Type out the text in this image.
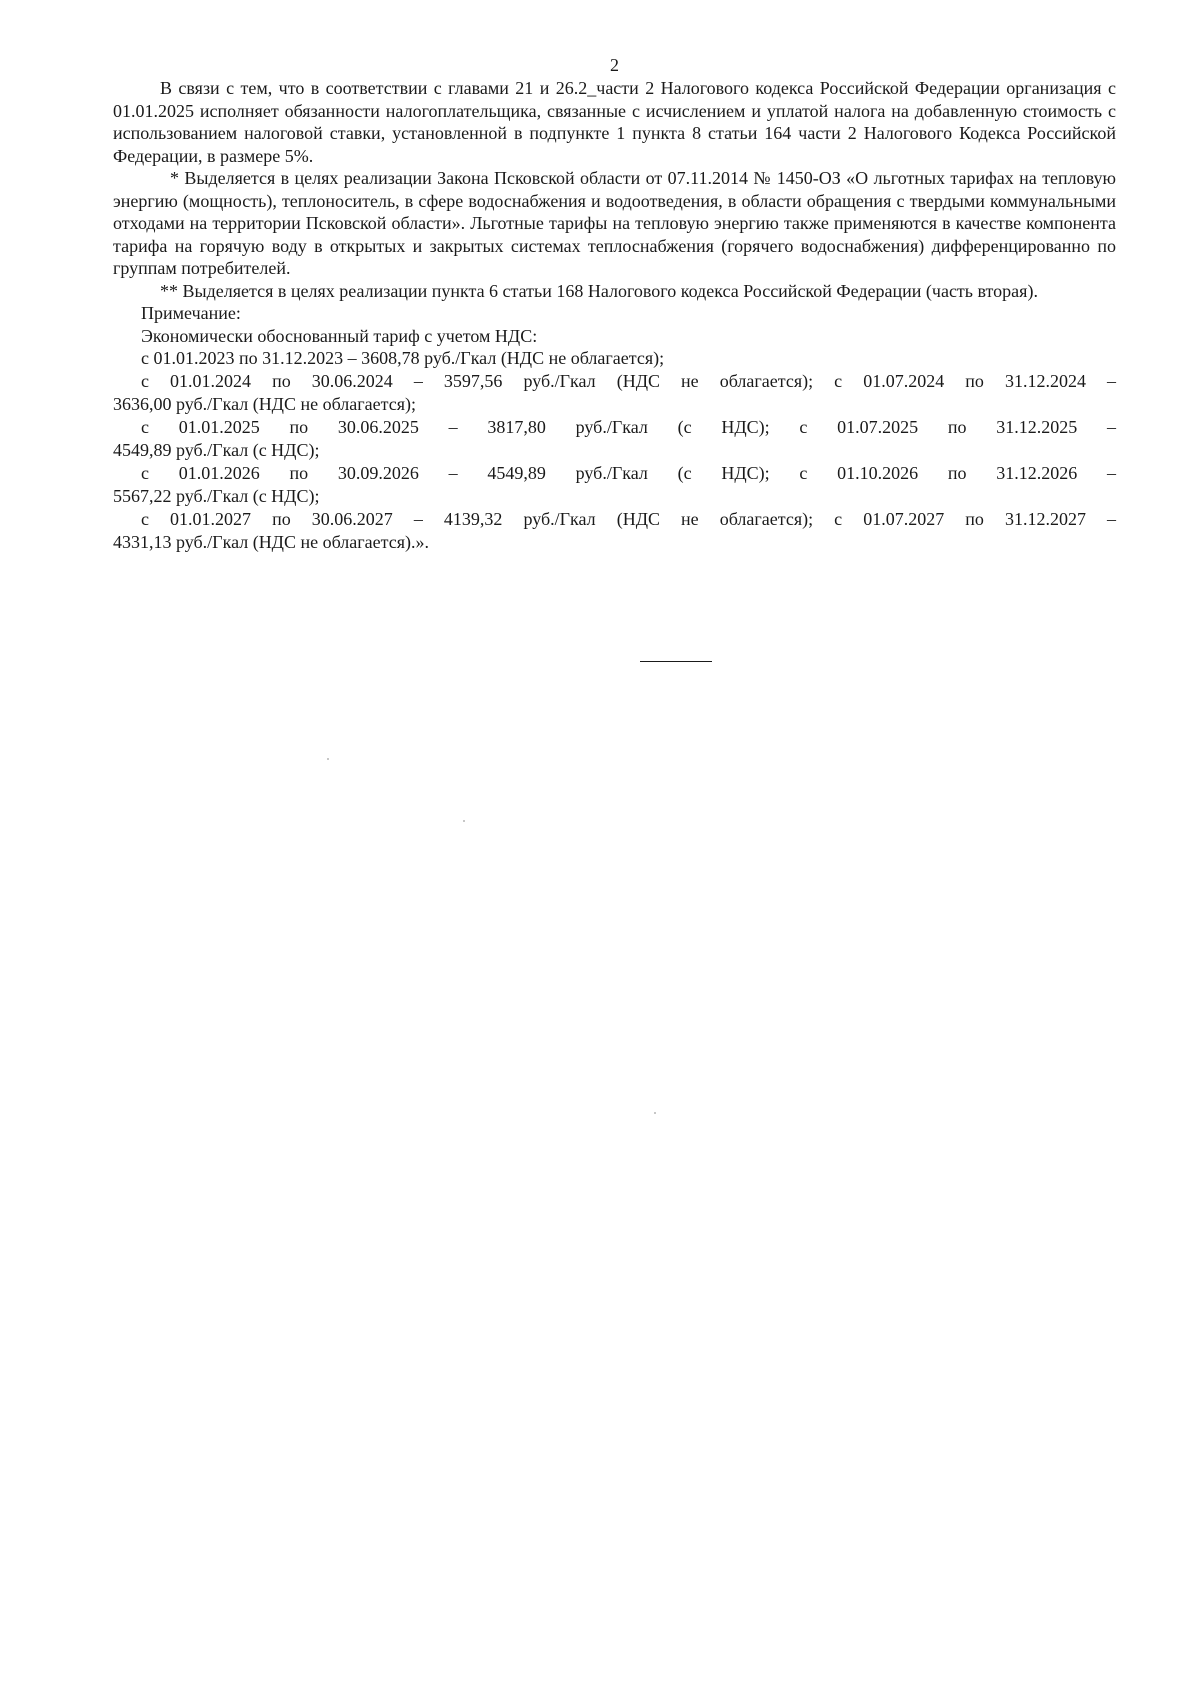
2

В связи с тем, что в соответствии с главами 21 и 26.2_части 2 Налогового кодекса Российской Федерации организация с 01.01.2025 исполняет обязанности налогоплательщика, связанные с исчислением и уплатой налога на добавленную стоимость с использованием налоговой ставки, установленной в подпункте 1 пункта 8 статьи 164 части 2 Налогового Кодекса Российской Федерации, в размере 5%.

* Выделяется в целях реализации Закона Псковской области от 07.11.2014 № 1450-ОЗ «О льготных тарифах на тепловую энергию (мощность), теплоноситель, в сфере водоснабжения и водоотведения, в области обращения с твердыми коммунальными отходами на территории Псковской области». Льготные тарифы на тепловую энергию также применяются в качестве компонента тарифа на горячую воду в открытых и закрытых системах теплоснабжения (горячего водоснабжения) дифференцированно по группам потребителей.

** Выделяется в целях реализации пункта 6 статьи 168 Налогового кодекса Российской Федерации (часть вторая).

Примечание:

Экономически обоснованный тариф с учетом НДС:

с 01.01.2023 по 31.12.2023 – 3608,78 руб./Гкал (НДС не облагается);

с 01.01.2024 по 30.06.2024 – 3597,56 руб./Гкал (НДС не облагается); с 01.07.2024 по 31.12.2024 –

3636,00 руб./Гкал (НДС не облагается);

с 01.01.2025 по 30.06.2025 – 3817,80 руб./Гкал (с НДС); с 01.07.2025 по 31.12.2025 –

4549,89 руб./Гкал (с НДС);

с 01.01.2026 по 30.09.2026 – 4549,89 руб./Гкал (с НДС); с 01.10.2026 по 31.12.2026 –

5567,22 руб./Гкал (с НДС);

с 01.01.2027 по 30.06.2027 – 4139,32 руб./Гкал (НДС не облагается); с 01.07.2027 по 31.12.2027 –

4331,13 руб./Гкал (НДС не облагается).».
